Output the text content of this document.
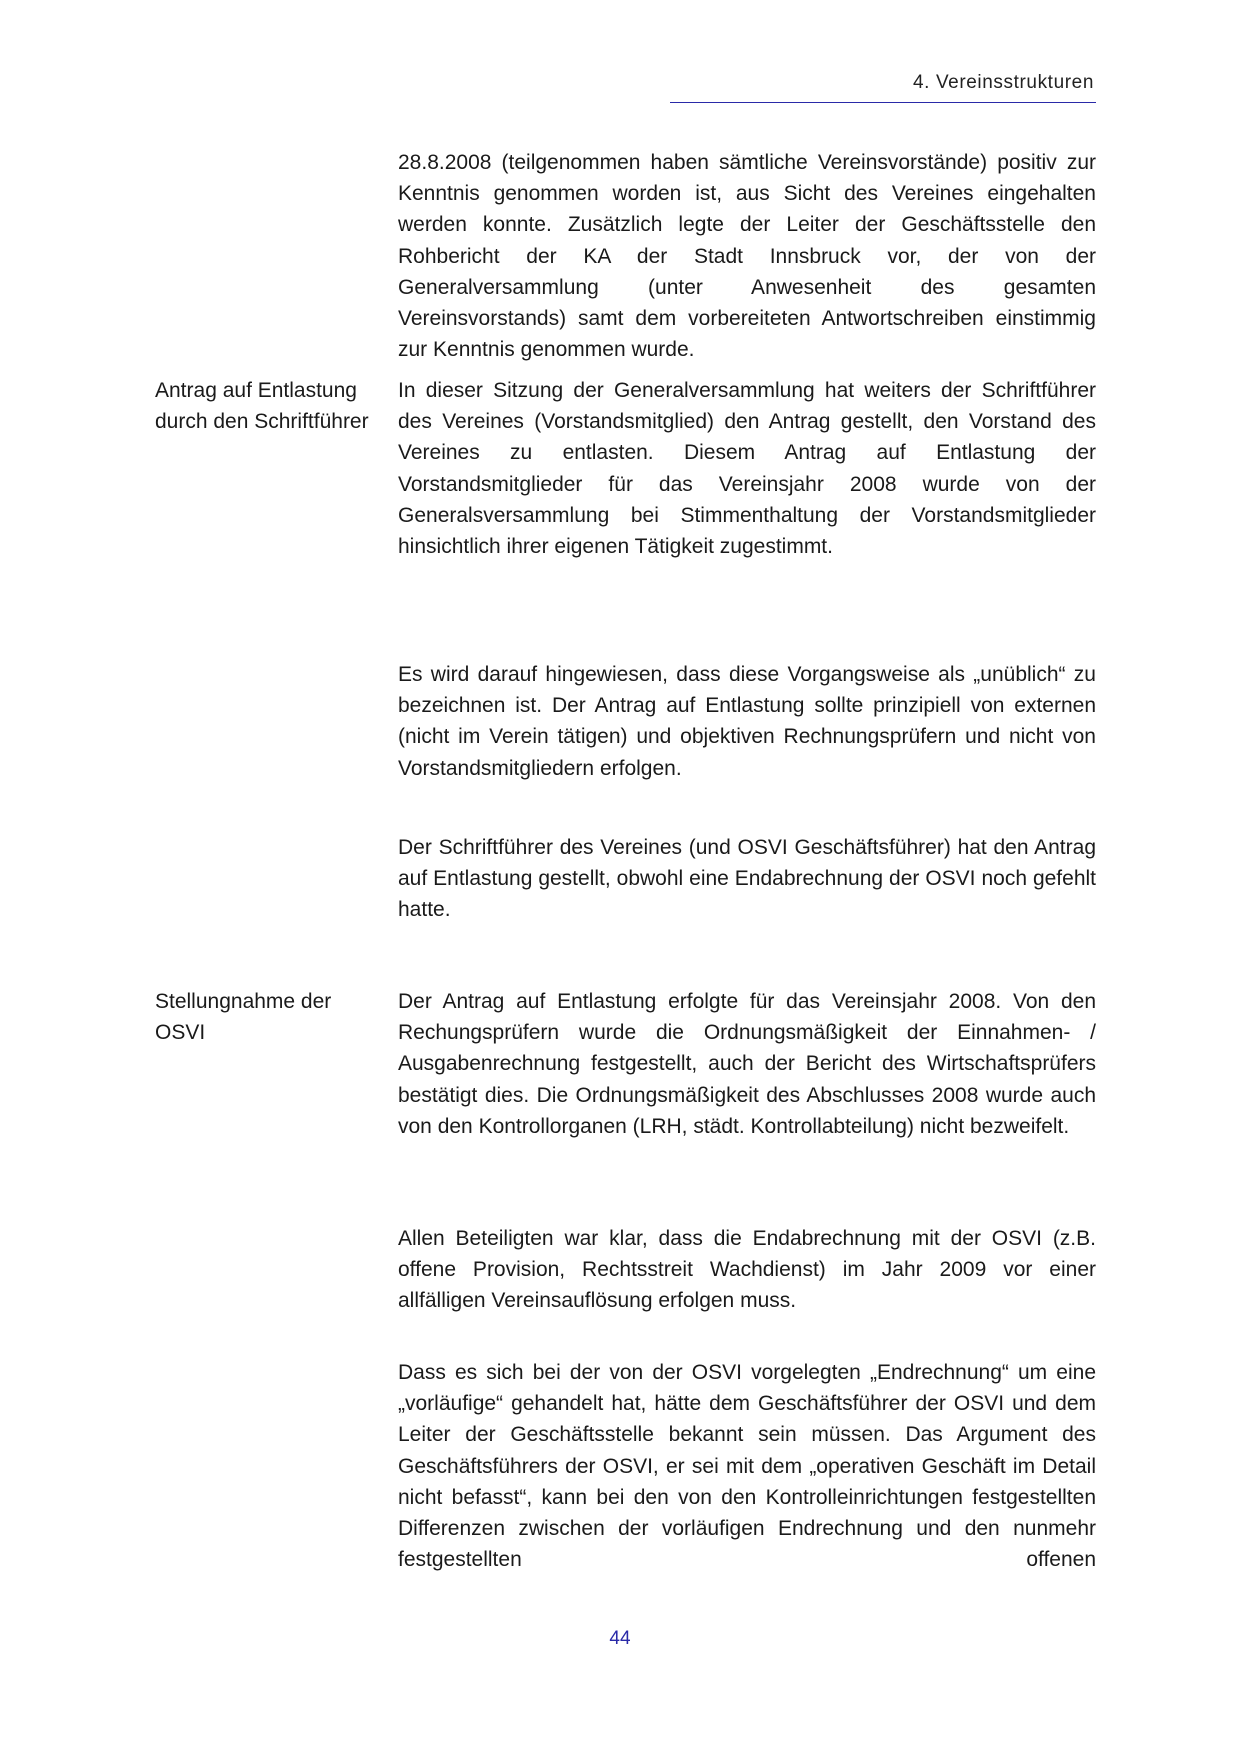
4. Vereinsstrukturen

28.8.2008 (teilgenommen haben sämtliche Vereinsvorstände) positiv zur Kenntnis genommen worden ist, aus Sicht des Vereines eingehalten werden konnte. Zusätzlich legte der Leiter der Geschäftsstelle den Rohbericht der KA der Stadt Innsbruck vor, der von der Generalversammlung (unter Anwesenheit des gesamten Vereinsvorstands) samt dem vorbereiteten Antwortschreiben einstimmig zur Kenntnis genommen wurde.

Antrag auf Entlastung durch den Schriftführer

In dieser Sitzung der Generalversammlung hat weiters der Schriftführer des Vereines (Vorstandsmitglied) den Antrag gestellt, den Vorstand des Vereines zu entlasten. Diesem Antrag auf Entlastung der Vorstandsmitglieder für das Vereinsjahr 2008 wurde von der Generalsversammlung bei Stimmenthaltung der Vorstandsmitglieder hinsichtlich ihrer eigenen Tätigkeit zugestimmt.

Es wird darauf hingewiesen, dass diese Vorgangsweise als „unüblich“ zu bezeichnen ist. Der Antrag auf Entlastung sollte prinzipiell von externen (nicht im Verein tätigen) und objektiven Rechnungsprüfern und nicht von Vorstandsmitgliedern erfolgen.

Der Schriftführer des Vereines (und OSVI Geschäftsführer) hat den Antrag auf Entlastung gestellt, obwohl eine Endabrechnung der OSVI noch gefehlt hatte.

Stellungnahme der OSVI

Der Antrag auf Entlastung erfolgte für das Vereinsjahr 2008. Von den Rechungsprüfern wurde die Ordnungsmäßigkeit der Einnahmen- / Ausgabenrechnung festgestellt, auch der Bericht des Wirtschaftsprüfers bestätigt dies. Die Ordnungsmäßigkeit des Abschlusses 2008 wurde auch von den Kontrollorganen (LRH, städt. Kontrollabteilung) nicht bezweifelt.

Allen Beteiligten war klar, dass die Endabrechnung mit der OSVI (z.B. offene Provision, Rechtsstreit Wachdienst) im Jahr 2009 vor einer allfälligen Vereinsauflösung erfolgen muss.

Dass es sich bei der von der OSVI vorgelegten „Endrechnung“ um eine „vorläufige“ gehandelt hat, hätte dem Geschäftsführer der OSVI und dem Leiter der Geschäftsstelle bekannt sein müssen. Das Argument des Geschäftsführers der OSVI, er sei mit dem „operativen Geschäft im Detail nicht befasst“, kann bei den von den Kontrolleinrichtungen festgestellten Differenzen zwischen der vorläufigen Endrechnung und den nunmehr festgestellten offenen

44
